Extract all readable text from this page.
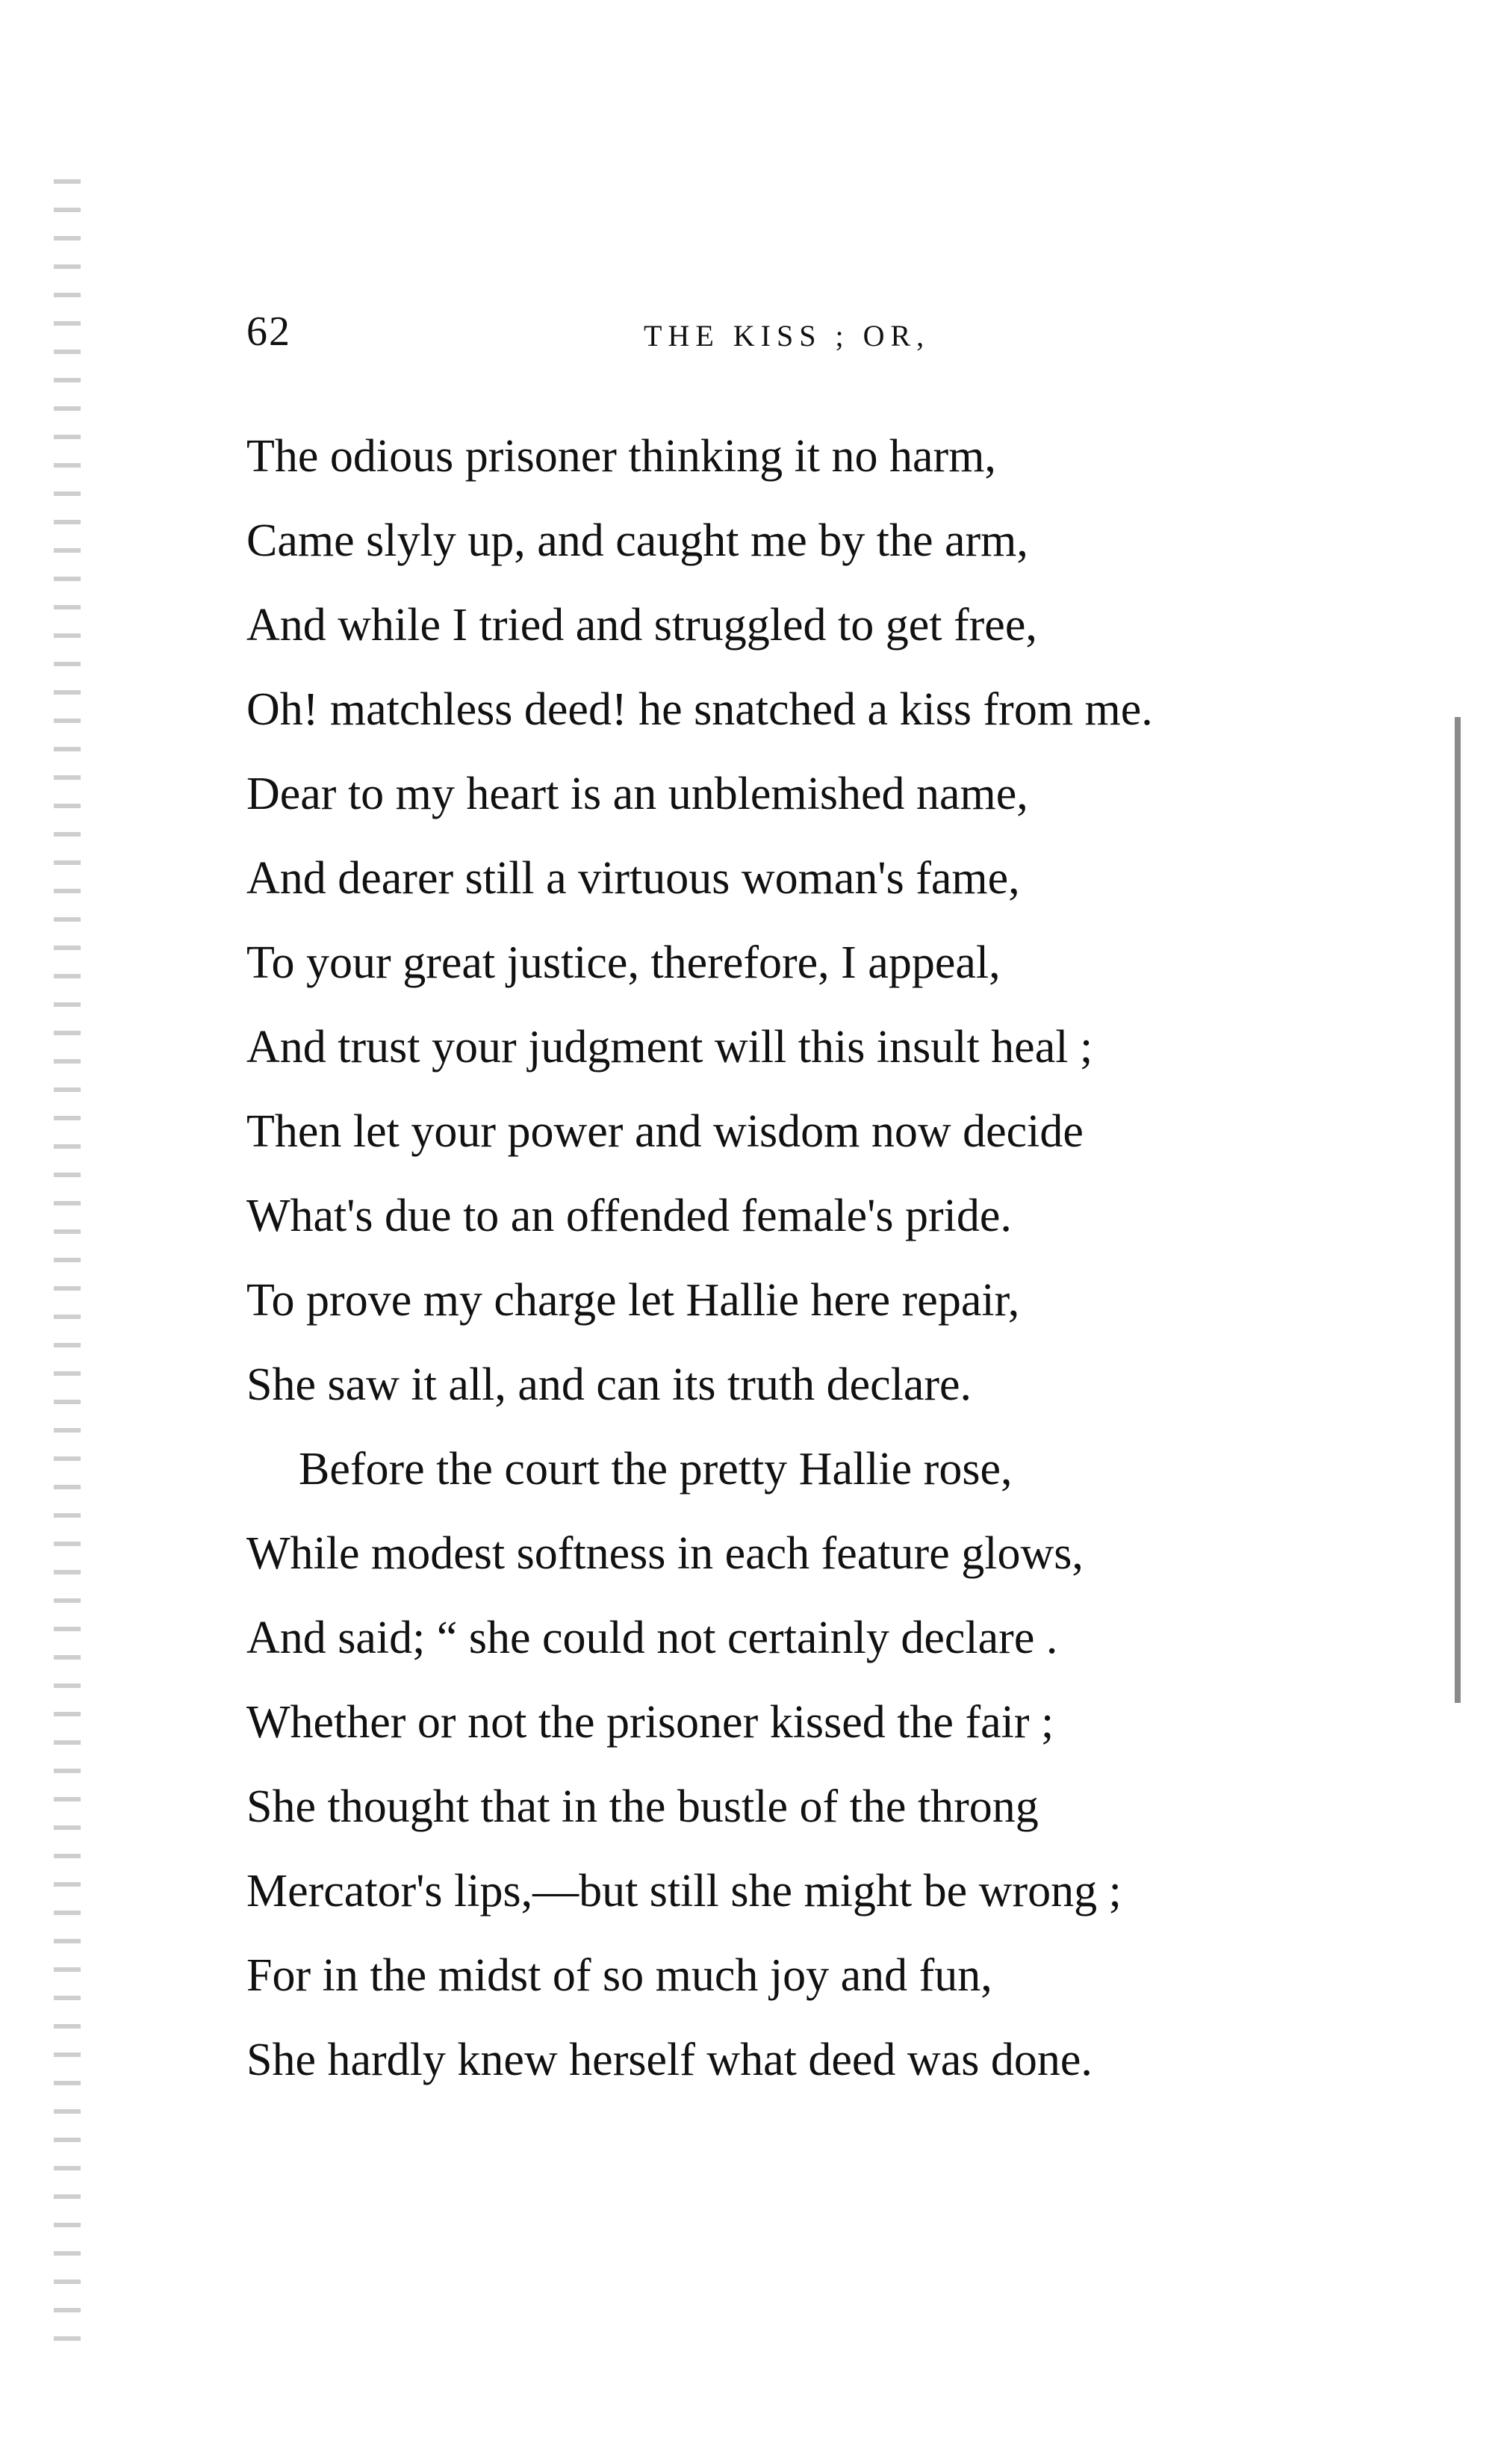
62	THE KISS ; OR,
The odious prisoner thinking it no harm,
Came slyly up, and caught me by the arm,
And while I tried and struggled to get free,
Oh! matchless deed! he snatched a kiss from me.
Dear to my heart is an unblemished name,
And dearer still a virtuous woman's fame,
To your great justice, therefore, I appeal,
And trust your judgment will this insult heal ;
Then let your power and wisdom now decide
What's due to an offended female's pride.
To prove my charge let Hallie here repair,
She saw it all, and can its truth declare.
Before the court the pretty Hallie rose,
While modest softness in each feature glows,
And said; “ she could not certainly declare .
Whether or not the prisoner kissed the fair ;
She thought that in the bustle of the throng
Mercator's lips,—but still she might be wrong ;
For in the midst of so much joy and fun,
She hardly knew herself what deed was done.
